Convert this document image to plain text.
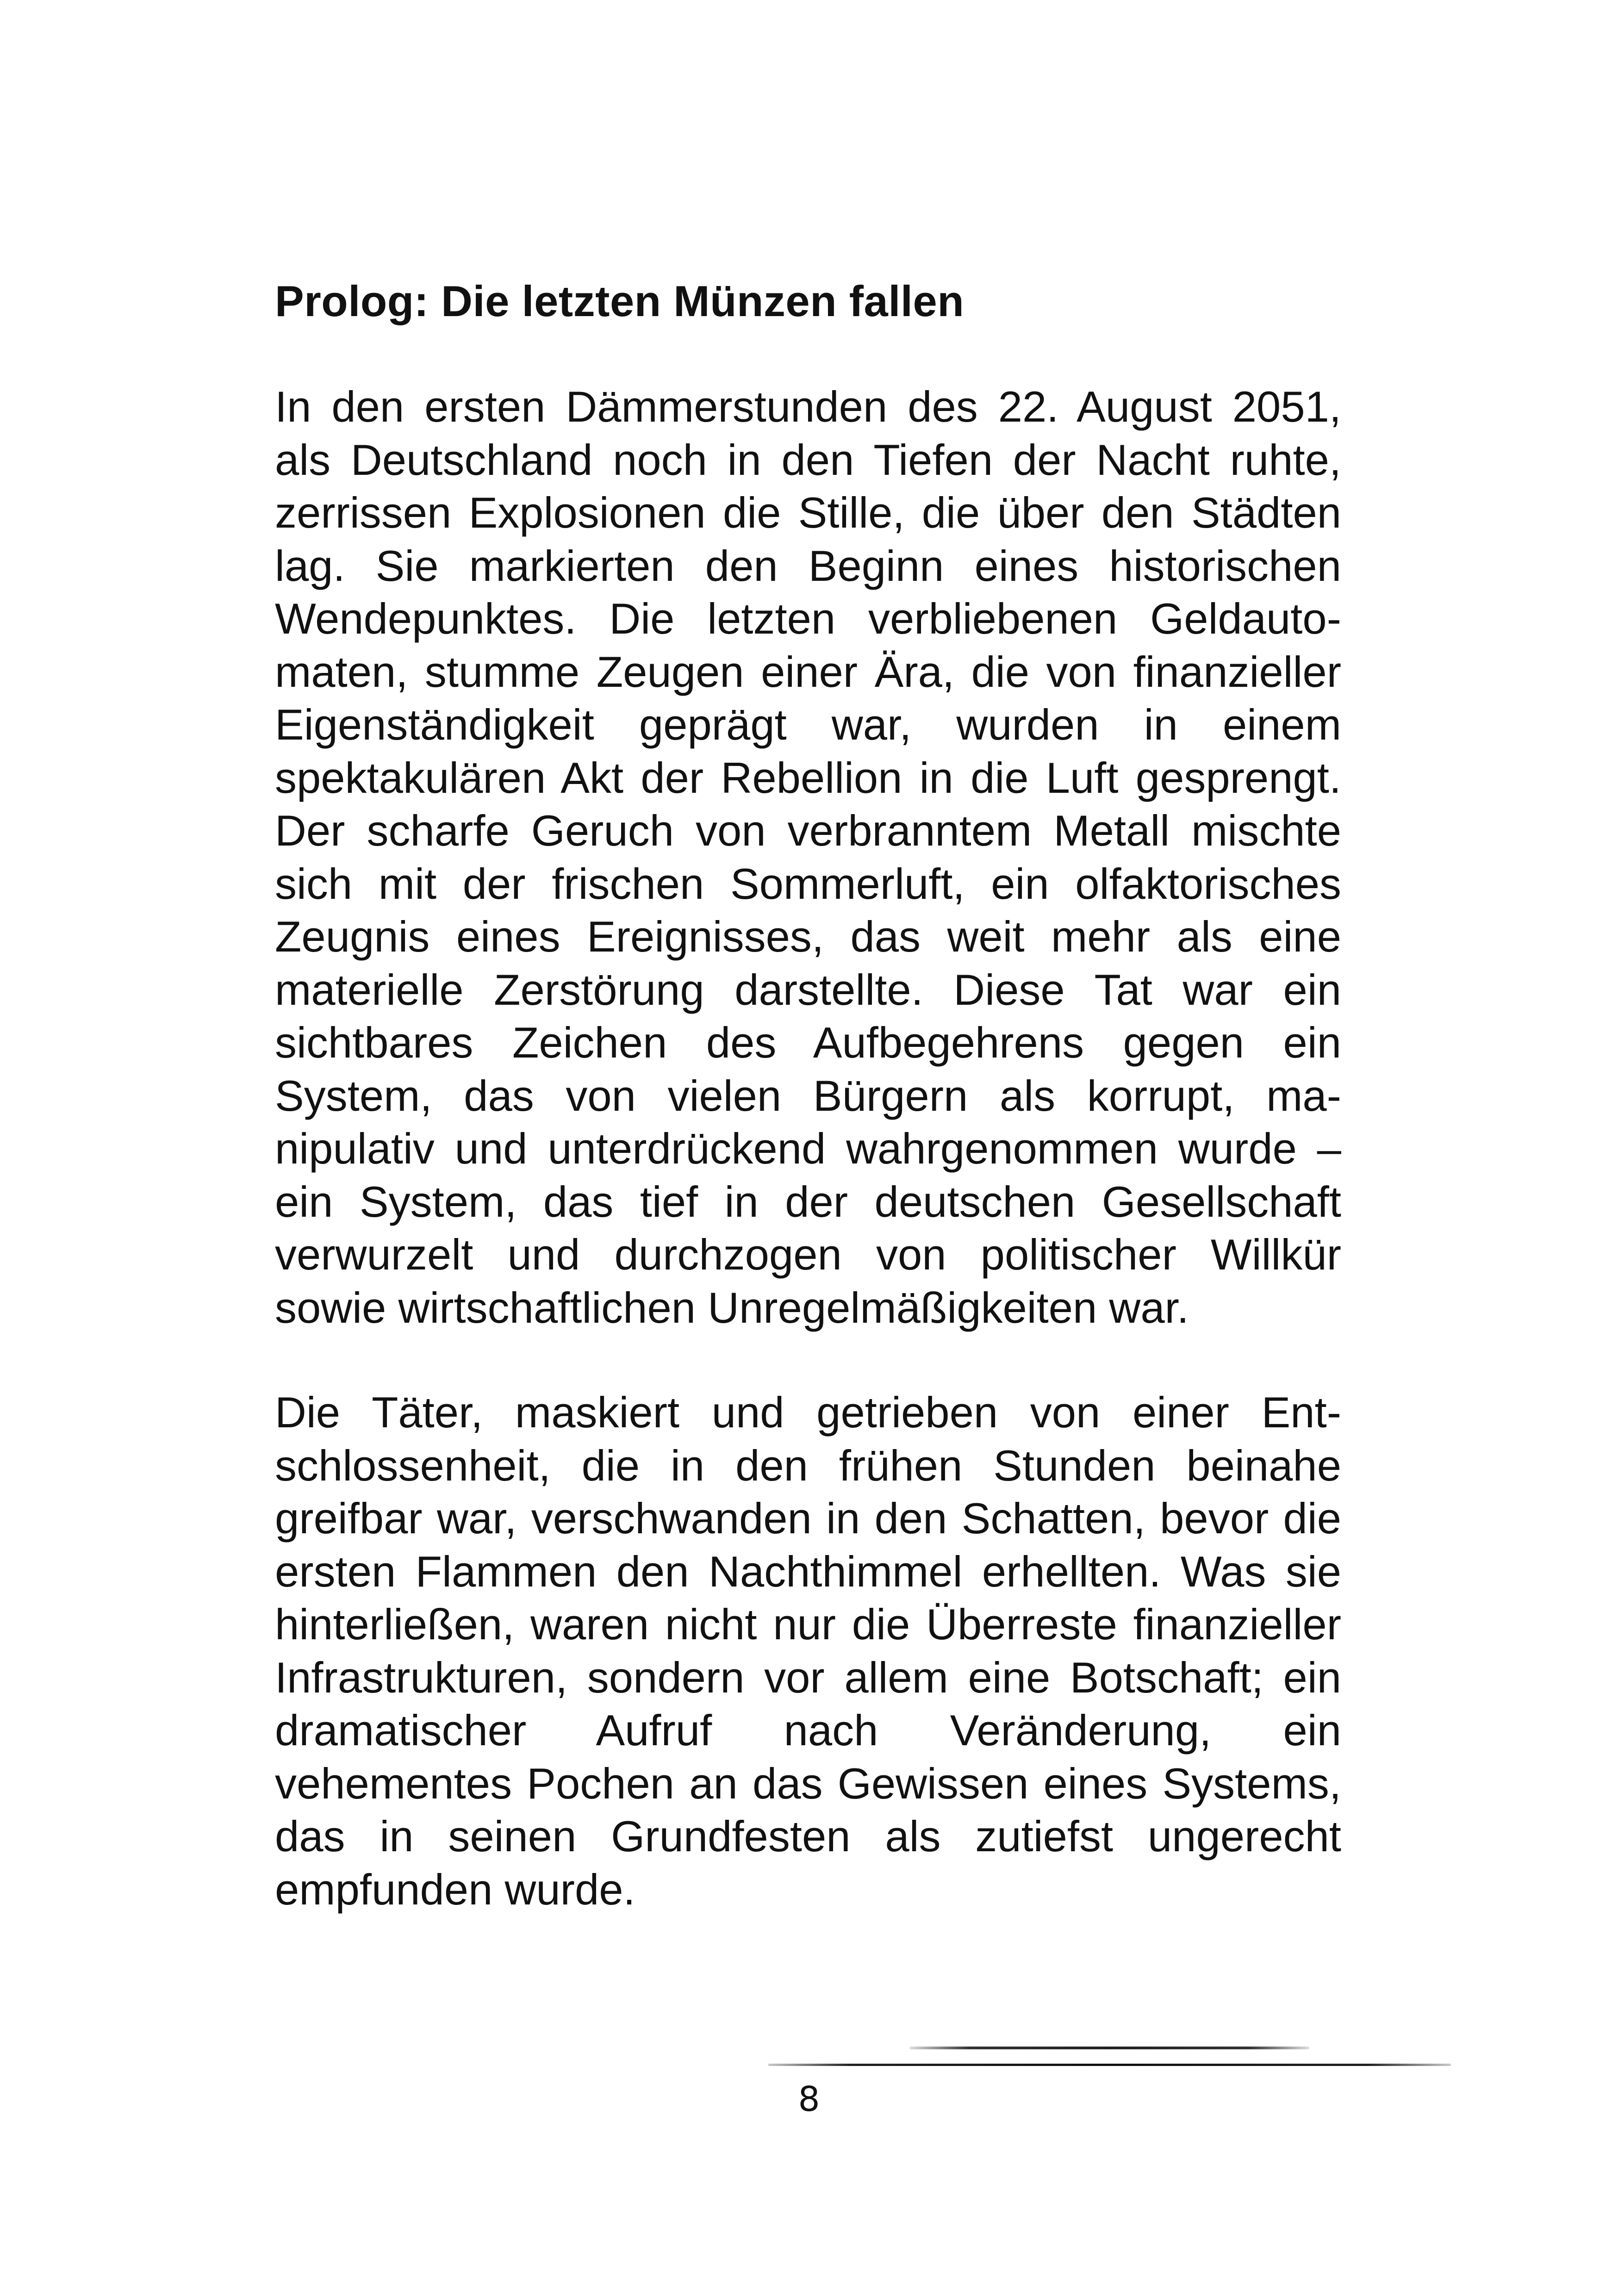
Prolog: Die letzten Münzen fallen

In den ersten Dämmerstunden des 22. August 2051, als Deutschland noch in den Tiefen der Nacht ruhte, zerrissen Explosionen die Stille, die über den Städten lag. Sie markierten den Beginn eines historischen Wendepunktes. Die letzten verbliebenen Geldautomaten, stumme Zeugen einer Ära, die von finanzieller Eigenständigkeit geprägt war, wurden in einem spektakulären Akt der Rebellion in die Luft gesprengt. Der scharfe Geruch von verbranntem Metall mischte sich mit der frischen Sommerluft, ein olfaktorisches Zeugnis eines Ereignisses, das weit mehr als eine materielle Zerstörung darstellte. Diese Tat war ein sichtbares Zeichen des Aufbegehrens gegen ein System, das von vielen Bürgern als korrupt, manipulativ und unterdrückend wahrgenommen wurde – ein System, das tief in der deutschen Gesellschaft verwurzelt und durchzogen von politischer Willkür sowie wirtschaftlichen Unregelmäßigkeiten war.

Die Täter, maskiert und getrieben von einer Entschlossenheit, die in den frühen Stunden beinahe greifbar war, verschwanden in den Schatten, bevor die ersten Flammen den Nachthimmel erhellten. Was sie hinterließen, waren nicht nur die Überreste finanzieller Infrastrukturen, sondern vor allem eine Botschaft; ein dramatischer Aufruf nach Veränderung, ein vehementes Pochen an das Gewissen eines Systems, das in seinen Grundfesten als zutiefst ungerecht empfunden wurde.

8
